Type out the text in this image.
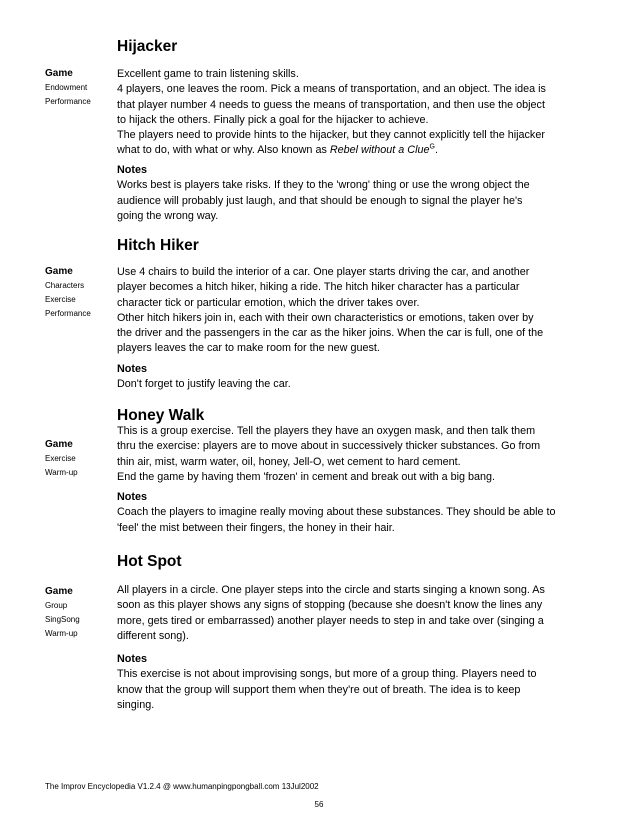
Hijacker
Game
Endowment
Performance

Excellent game to train listening skills.

4 players, one leaves the room. Pick a means of transportation, and an object. The idea is

that player number 4 needs to guess the means of transportation, and then use the object

to hijack the others. Finally pick a goal for the hijacker to achieve.

The players need to provide hints to the hijacker, but they cannot explicitly tell the hijacker

what to do, with what or why. Also known as Rebel without a Clue$^G$.

Notes

Works best is players take risks. If they to the 'wrong' thing or use the wrong object the

audience will probably just laugh, and that should be enough to signal the player he's

going the wrong way.

Hitch Hiker
Game
Characters
Exercise
Performance

Use 4 chairs to build the interior of a car. One player starts driving the car, and another

player becomes a hitch hiker, hiking a ride. The hitch hiker character has a particular

character tick or particular emotion, which the driver takes over.

Other hitch hikers join in, each with their own characteristics or emotions, taken over by

the driver and the passengers in the car as the hiker joins. When the car is full, one of the

players leaves the car to make room for the new guest.

Notes

Don't forget to justify leaving the car.

Honey Walk
Game
Exercise
Warm-up

This is a group exercise. Tell the players they have an oxygen mask, and then talk them

thru the exercise: players are to move about in successively thicker substances. Go from

thin air, mist, warm water, oil, honey, Jell-O, wet cement to hard cement.

End the game by having them 'frozen' in cement and break out with a big bang.

Notes

Coach the players to imagine really moving about these substances. They should be able to

'feel' the mist between their fingers, the honey in their hair.

Hot Spot
Game
Group
SingSong
Warm-up

All players in a circle. One player steps into the circle and starts singing a known song. As

soon as this player shows any signs of stopping (because she doesn't know the lines any

more, gets tired or embarrassed) another player needs to step in and take over (singing a

different song).

Notes

This exercise is not about improvising songs, but more of a group thing. Players need to

know that the group will support them when they're out of breath. The idea is to keep

singing.

The Improv Encyclopedia V1.2.4 @ www.humanpingpongball.com 13Jul2002
56
